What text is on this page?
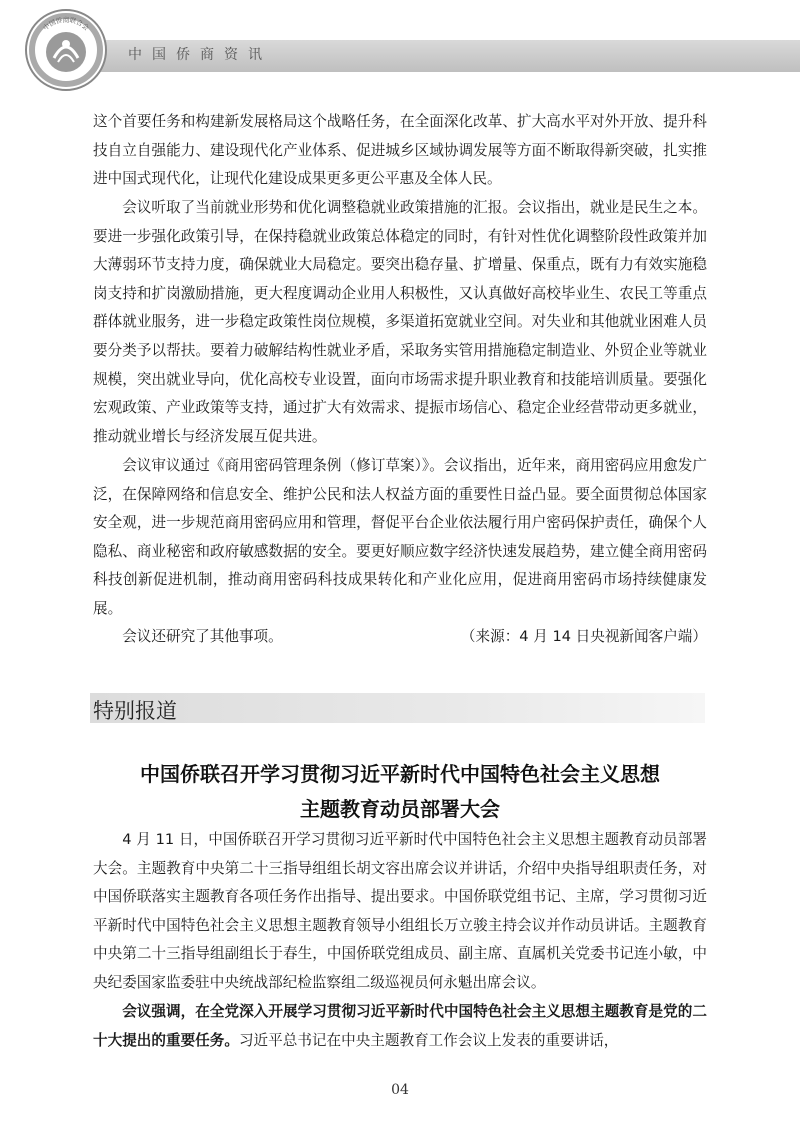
中国侨商资讯
中国侨商联合会

这个首要任务和构建新发展格局这个战略任务，在全面深化改革、扩大高水平对外开放、提升科技自立自强能力、建设现代化产业体系、促进城乡区域协调发展等方面不断取得新突破，扎实推进中国式现代化，让现代化建设成果更多更公平惠及全体人民。

会议听取了当前就业形势和优化调整稳就业政策措施的汇报。会议指出，就业是民生之本。要进一步强化政策引导，在保持稳就业政策总体稳定的同时，有针对性优化调整阶段性政策并加大薄弱环节支持力度，确保就业大局稳定。要突出稳存量、扩增量、保重点，既有力有效实施稳岗支持和扩岗激励措施，更大程度调动企业用人积极性，又认真做好高校毕业生、农民工等重点群体就业服务，进一步稳定政策性岗位规模，多渠道拓宽就业空间。对失业和其他就业困难人员要分类予以帮扶。要着力破解结构性就业矛盾，采取务实管用措施稳定制造业、外贸企业等就业规模，突出就业导向，优化高校专业设置，面向市场需求提升职业教育和技能培训质量。要强化宏观政策、产业政策等支持，通过扩大有效需求、提振市场信心、稳定企业经营带动更多就业，推动就业增长与经济发展互促共进。

会议审议通过《商用密码管理条例（修订草案）》。会议指出，近年来，商用密码应用愈发广泛，在保障网络和信息安全、维护公民和法人权益方面的重要性日益凸显。要全面贯彻总体国家安全观，进一步规范商用密码应用和管理，督促平台企业依法履行用户密码保护责任，确保个人隐私、商业秘密和政府敏感数据的安全。要更好顺应数字经济快速发展趋势，建立健全商用密码科技创新促进机制，推动商用密码科技成果转化和产业化应用，促进商用密码市场持续健康发展。

会议还研究了其他事项。	（来源：4 月 14 日央视新闻客户端）
特别报道
中国侨联召开学习贯彻习近平新时代中国特色社会主义思想
主题教育动员部署大会

4 月 11 日，中国侨联召开学习贯彻习近平新时代中国特色社会主义思想主题教育动员部署大会。主题教育中央第二十三指导组组长胡文容出席会议并讲话，介绍中央指导组职责任务，对中国侨联落实主题教育各项任务作出指导、提出要求。中国侨联党组书记、主席，学习贯彻习近平新时代中国特色社会主义思想主题教育领导小组组长万立骏主持会议并作动员讲话。主题教育中央第二十三指导组副组长于春生，中国侨联党组成员、副主席、直属机关党委书记连小敏，中央纪委国家监委驻中央统战部纪检监察组二级巡视员何永魁出席会议。

会议强调，在全党深入开展学习贯彻习近平新时代中国特色社会主义思想主题教育是党的二十大提出的重要任务。习近平总书记在中央主题教育工作会议上发表的重要讲话，

04
